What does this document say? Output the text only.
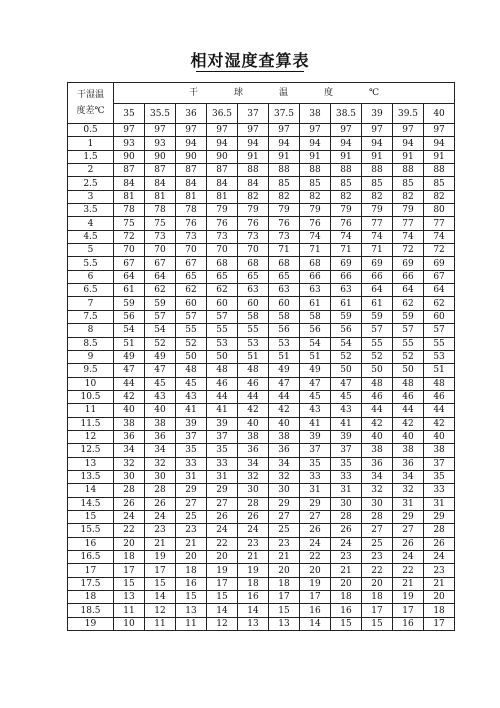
相对湿度查算表
干湿温
度差℃	干　　　　球　　　　温　　　　度　　　　℃										
	35	35.5	36	36.5	37	37.5	38	38.5	39	39.5	40
0.5	97	97	97	97	97	97	97	97	97	97	97
1	93	93	94	94	94	94	94	94	94	94	94
1.5	90	90	90	90	91	91	91	91	91	91	91
2	87	87	87	87	88	88	88	88	88	88	88
2.5	84	84	84	84	84	85	85	85	85	85	85
3	81	81	81	81	82	82	82	82	82	82	82
3.5	78	78	78	79	79	79	79	79	79	79	80
4	75	75	76	76	76	76	76	76	77	77	77
4.5	72	73	73	73	73	73	74	74	74	74	74
5	70	70	70	70	70	71	71	71	71	72	72
5.5	67	67	67	68	68	68	68	69	69	69	69
6	64	64	65	65	65	65	66	66	66	66	67
6.5	61	62	62	62	63	63	63	63	64	64	64
7	59	59	60	60	60	60	61	61	61	62	62
7.5	56	57	57	57	58	58	58	59	59	59	60
8	54	54	55	55	55	56	56	56	57	57	57
8.5	51	52	52	53	53	53	54	54	55	55	55
9	49	49	50	50	51	51	51	52	52	52	53
9.5	47	47	48	48	48	49	49	50	50	50	51
10	44	45	45	46	46	47	47	47	48	48	48
10.5	42	43	43	44	44	44	45	45	46	46	46
11	40	40	41	41	42	42	43	43	44	44	44
11.5	38	38	39	39	40	40	41	41	42	42	42
12	36	36	37	37	38	38	39	39	40	40	40
12.5	34	34	35	35	36	36	37	37	38	38	38
13	32	32	33	33	34	34	35	35	36	36	37
13.5	30	30	31	31	32	32	33	33	34	34	35
14	28	28	29	29	30	30	31	31	32	32	33
14.5	26	26	27	27	28	29	29	30	30	31	31
15	24	24	25	26	26	27	27	28	28	29	29
15.5	22	23	23	24	24	25	26	26	27	27	28
16	20	21	21	22	23	23	24	24	25	26	26
16.5	18	19	20	20	21	21	22	23	23	24	24
17	17	17	18	19	19	20	20	21	22	22	23
17.5	15	15	16	17	18	18	19	20	20	21	21
18	13	14	15	15	16	17	17	18	18	19	20
18.5	11	12	13	14	14	15	16	16	17	17	18
19	10	11	11	12	13	13	14	15	15	16	17
